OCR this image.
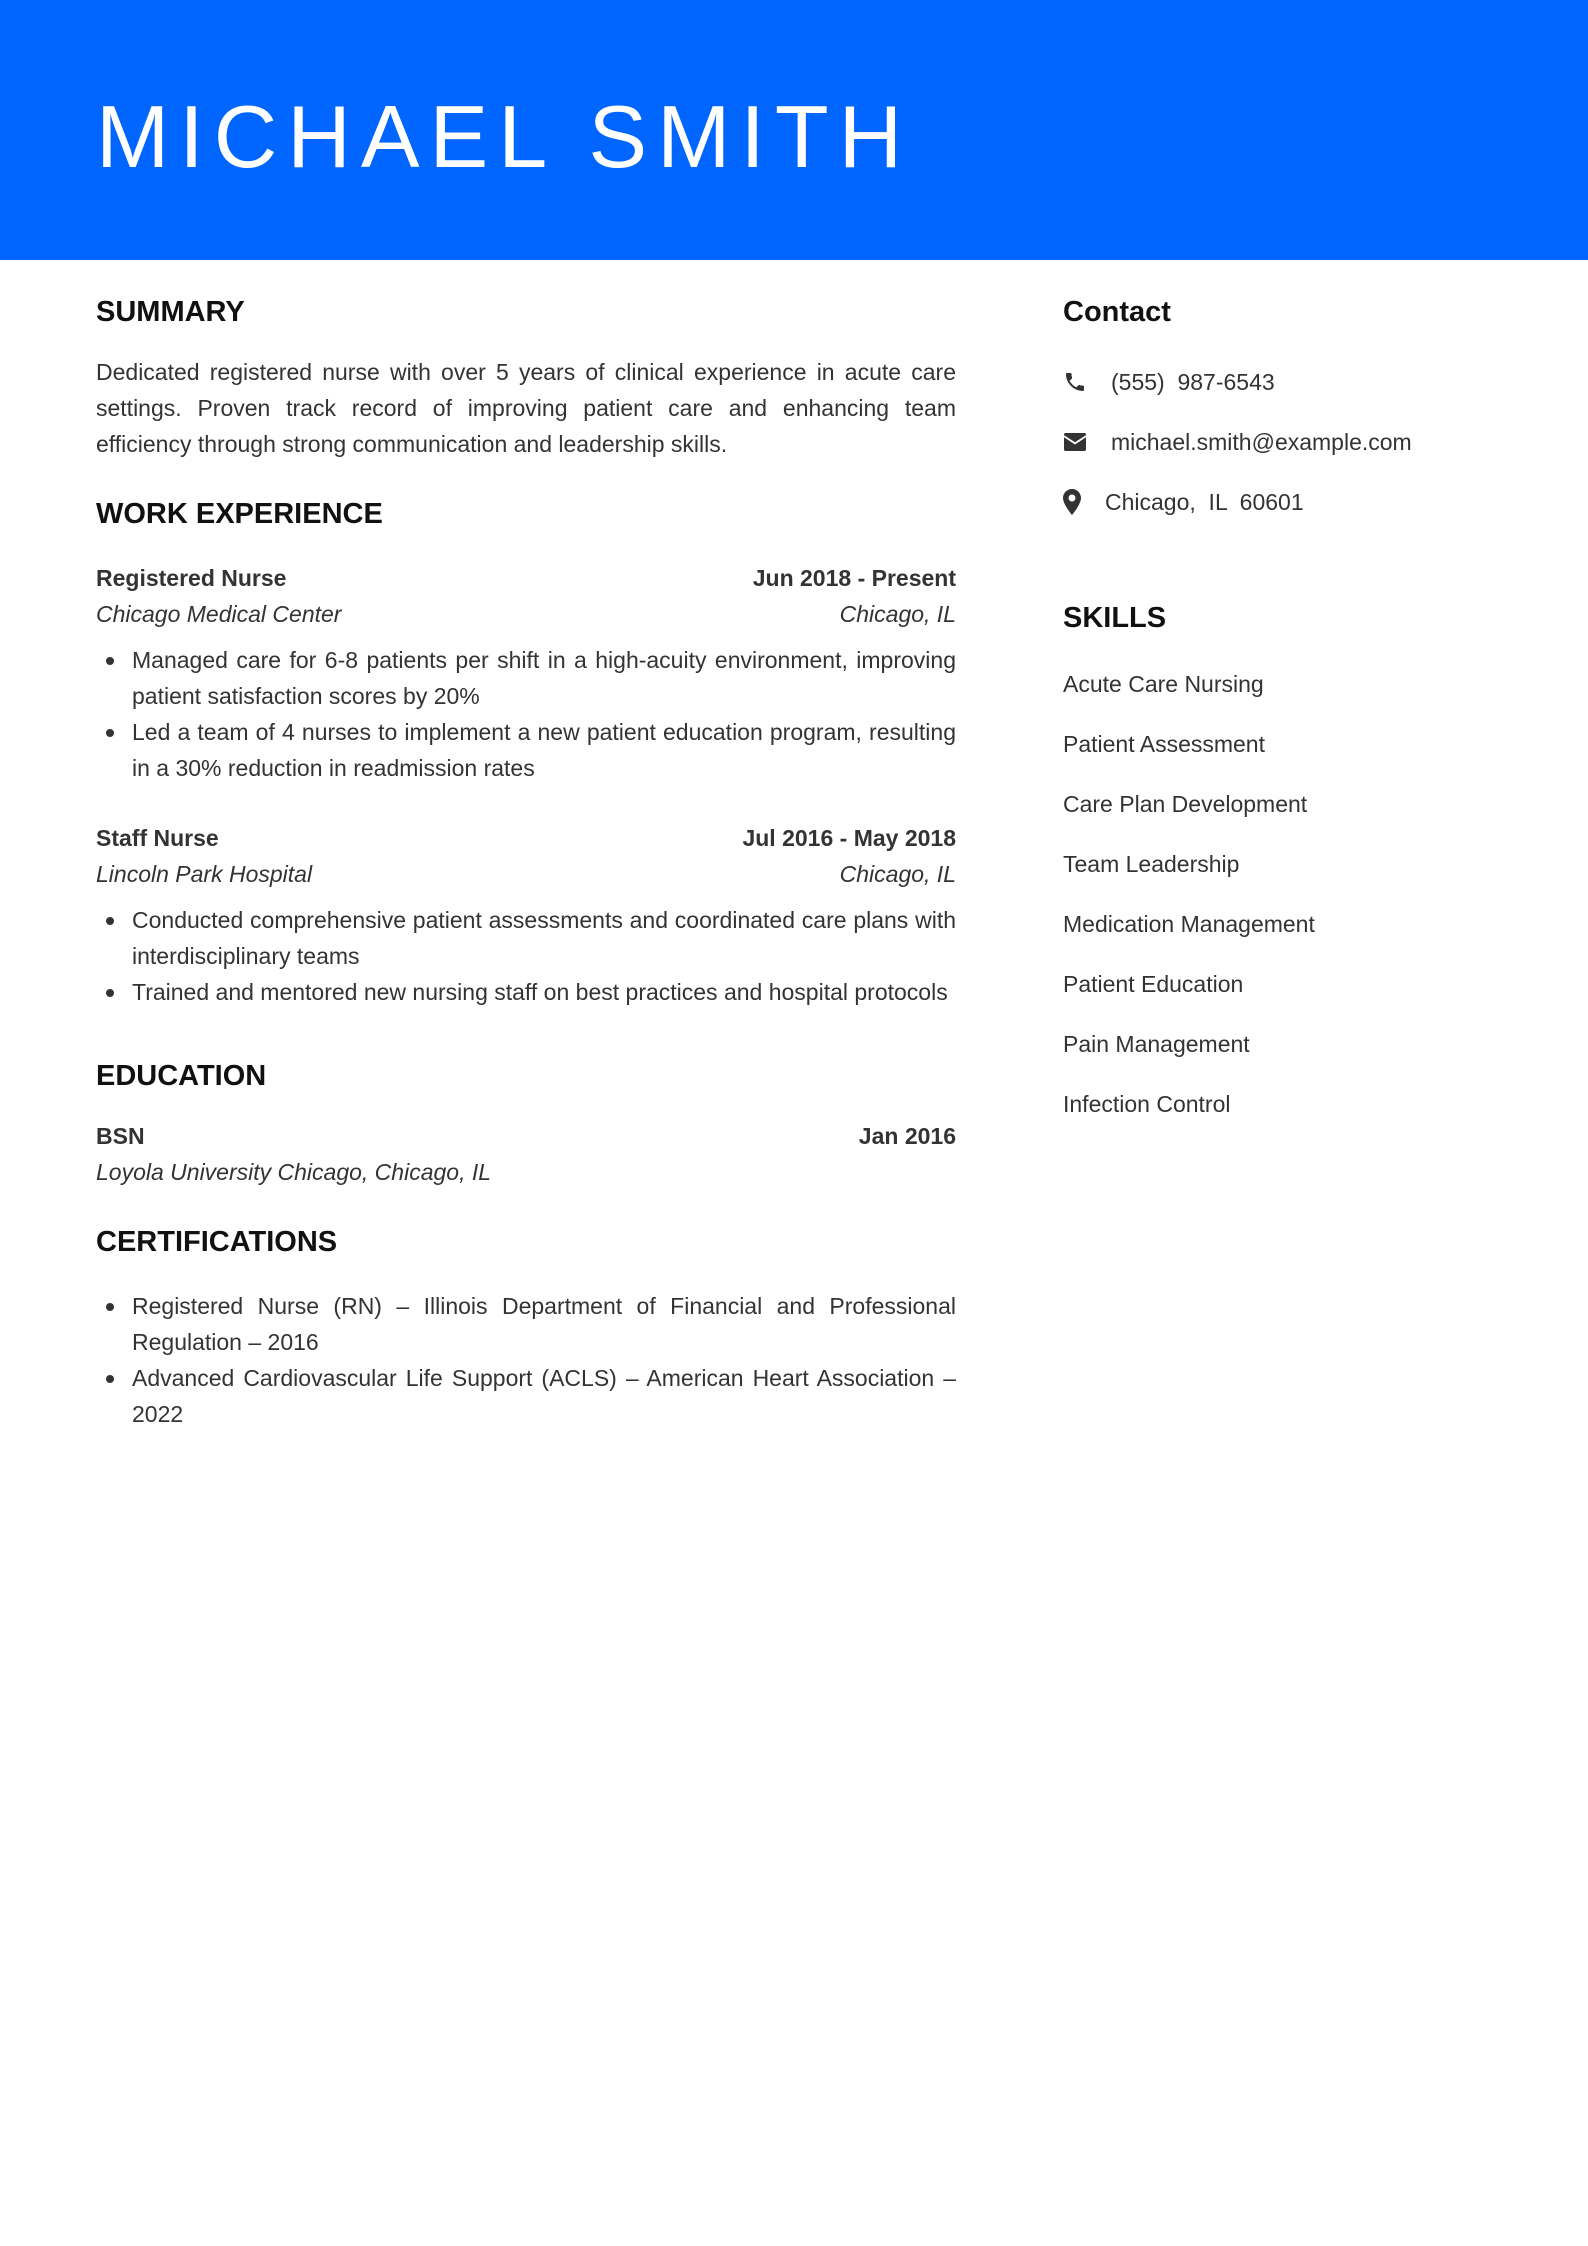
MICHAEL SMITH
SUMMARY

Dedicated registered nurse with over 5 years of clinical experience in acute care settings. Proven track record of improving patient care and enhancing team efficiency through strong communication and leadership skills.

WORK EXPERIENCE
Registered Nurse	Jun 2018 - Present
Chicago Medical Center	Chicago, IL
Managed care for 6-8 patients per shift in a high-acuity environment, improving patient satisfaction scores by 20%
Led a team of 4 nurses to implement a new patient education program, resulting in a 30% reduction in readmission rates
Staff Nurse	Jul 2016 - May 2018
Lincoln Park Hospital	Chicago, IL
Conducted comprehensive patient assessments and coordinated care plans with interdisciplinary teams
Trained and mentored new nursing staff on best practices and hospital protocols
EDUCATION
BSN	Jan 2016
Loyola University Chicago, Chicago, IL
CERTIFICATIONS
Registered Nurse (RN) – Illinois Department of Financial and Professional Regulation – 2016
Advanced Cardiovascular Life Support (ACLS) – American Heart Association – 2022
Contact
(555)  987-6543
michael.smith@example.com
Chicago,  IL  60601
SKILLS
Acute Care Nursing
Patient Assessment
Care Plan Development
Team Leadership
Medication Management
Patient Education
Pain Management
Infection Control
